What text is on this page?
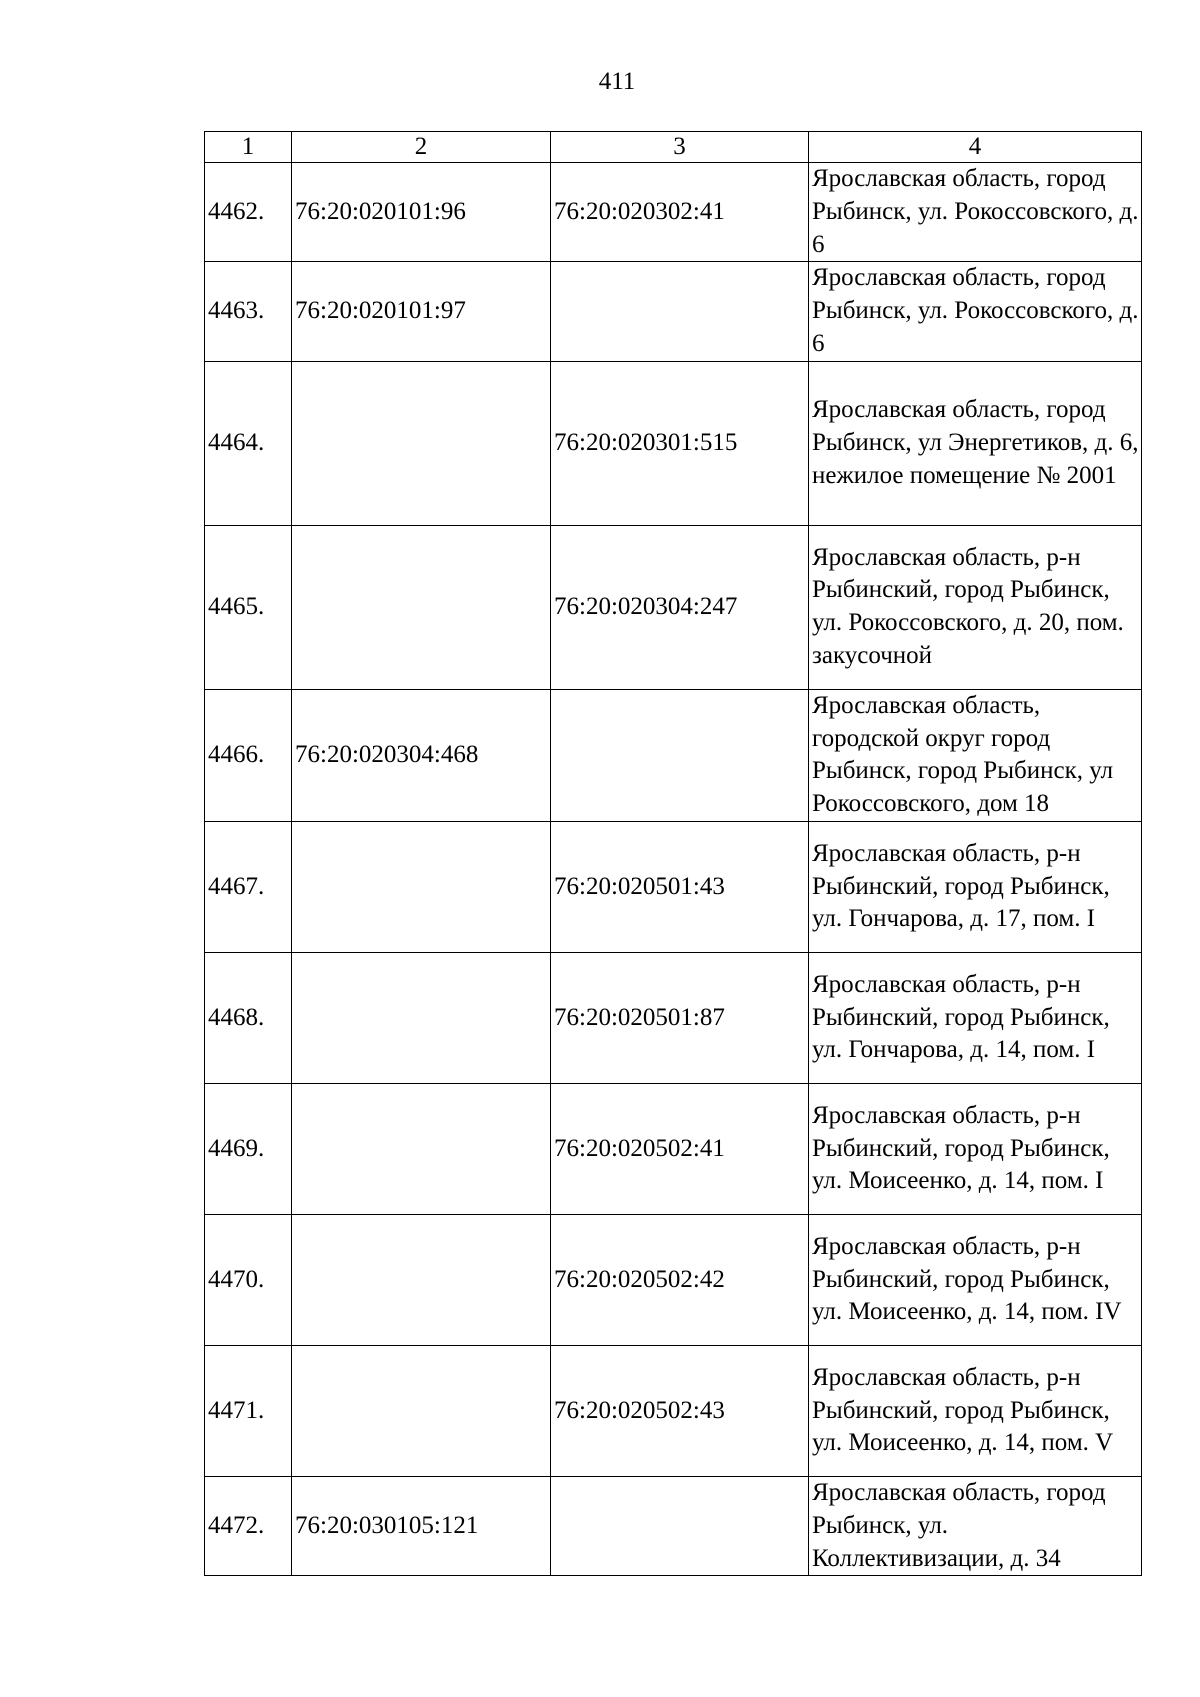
411
1	2	3	4
4462.	76:20:020101:96	76:20:020302:41	Ярославская область, город Рыбинск, ул. Рокоссовского, д. 6
4463.	76:20:020101:97		Ярославская область, город Рыбинск, ул. Рокоссовского, д. 6
4464.		76:20:020301:515	Ярославская область, город Рыбинск, ул Энергетиков, д. 6, нежилое помещение № 2001
4465.		76:20:020304:247	Ярославская область, р-н Рыбинский, город Рыбинск, ул. Рокоссовского, д. 20, пом. закусочной
4466.	76:20:020304:468		Ярославская область, городской округ город Рыбинск, город Рыбинск, ул Рокоссовского, дом 18
4467.		76:20:020501:43	Ярославская область, р-н Рыбинский, город Рыбинск, ул. Гончарова, д. 17, пом. I
4468.		76:20:020501:87	Ярославская область, р-н Рыбинский, город Рыбинск, ул. Гончарова, д. 14, пом. I
4469.		76:20:020502:41	Ярославская область, р-н Рыбинский, город Рыбинск, ул. Моисеенко, д. 14, пом. I
4470.		76:20:020502:42	Ярославская область, р-н Рыбинский, город Рыбинск, ул. Моисеенко, д. 14, пом. IV
4471.		76:20:020502:43	Ярославская область, р-н Рыбинский, город Рыбинск, ул. Моисеенко, д. 14, пом. V
4472.	76:20:030105:121		Ярославская область, город Рыбинск, ул. Коллективизации, д. 34
